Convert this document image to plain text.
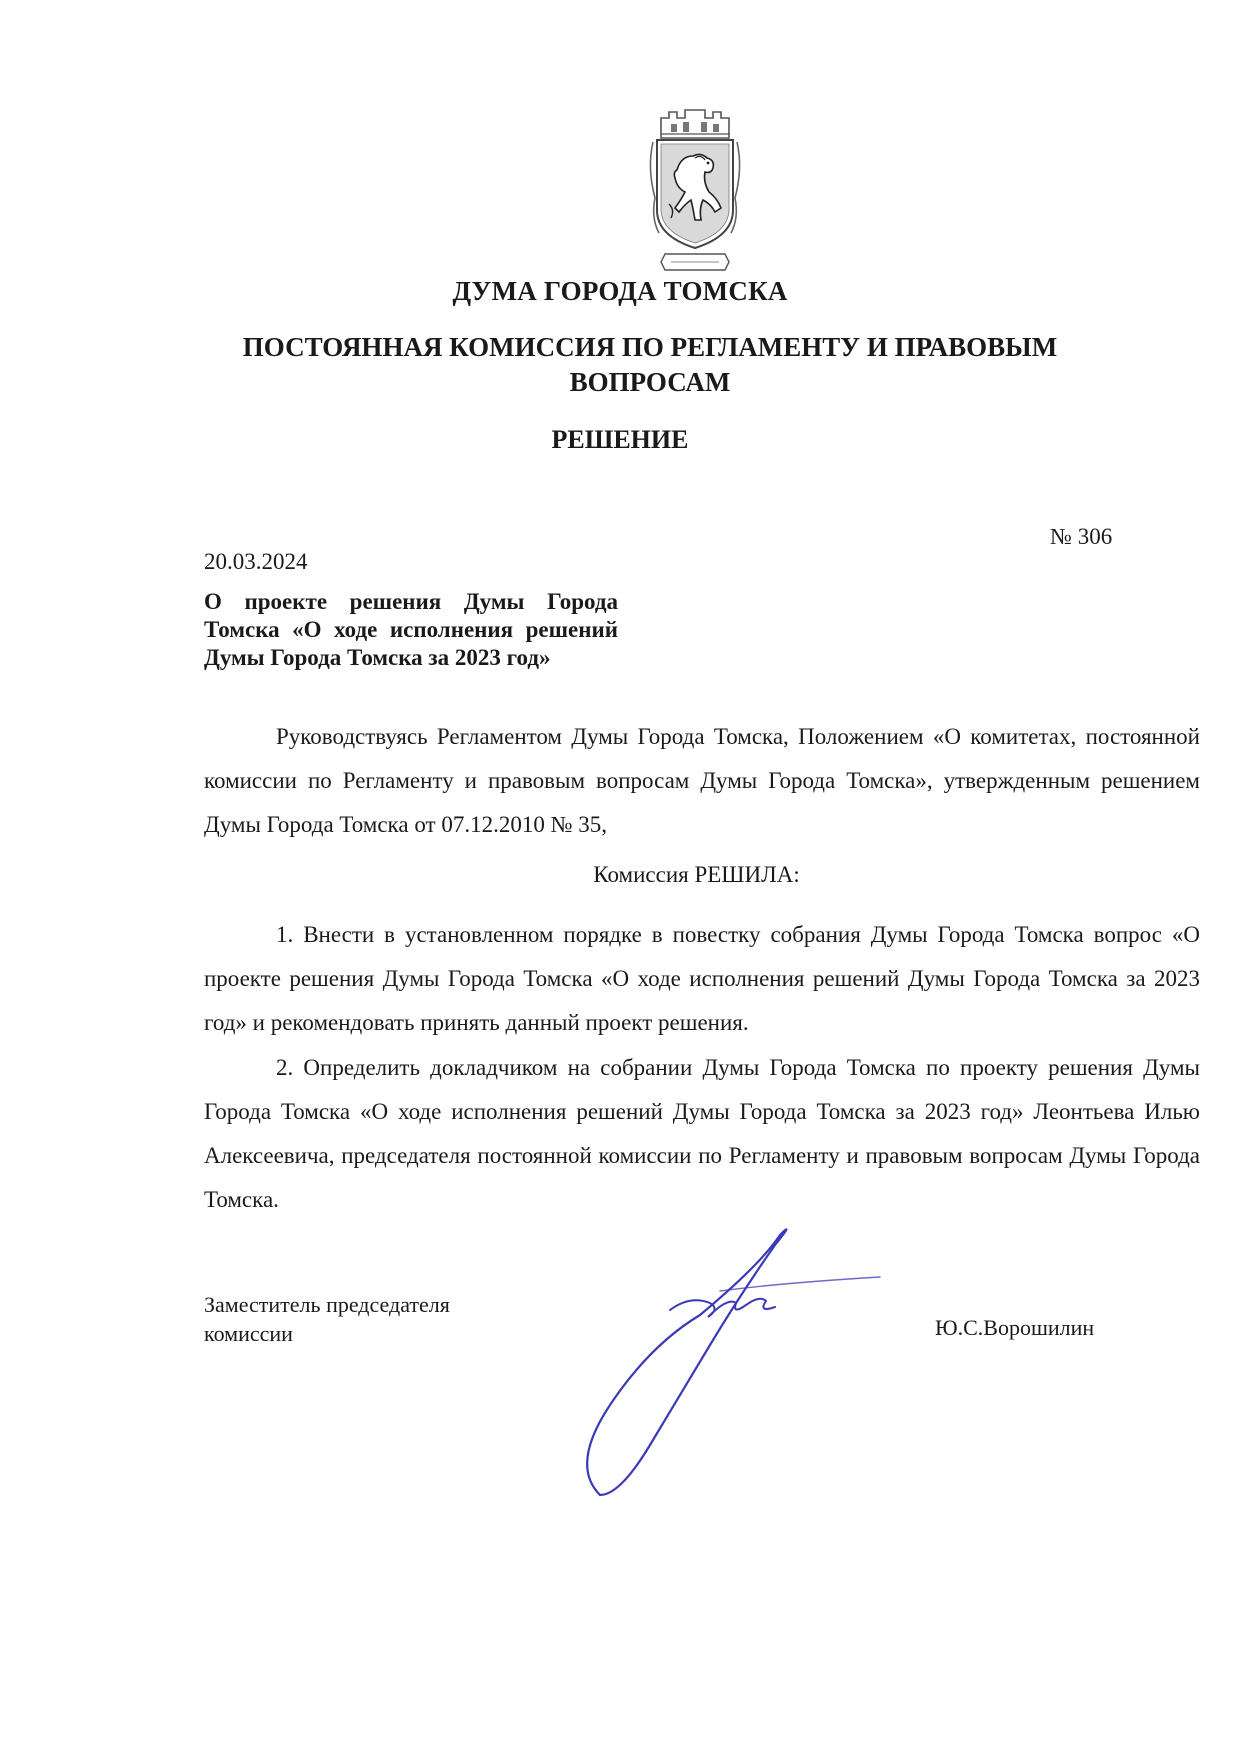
ДУМА ГОРОДА ТОМСКА
ПОСТОЯННАЯ КОМИССИЯ ПО РЕГЛАМЕНТУ И ПРАВОВЫМ
ВОПРОСАМ
РЕШЕНИЕ
№ 306
20.03.2024
О проекте решения Думы Города Томска «О ходе исполнения решений Думы Города Томска за 2023 год»

Руководствуясь Регламентом Думы Города Томска, Положением «О комитетах, постоянной комиссии по Регламенту и правовым вопросам Думы Города Томска», утвержденным решением Думы Города Томска от 07.12.2010 № 35,

Комиссия РЕШИЛА:

1. Внести в установленном порядке в повестку собрания Думы Города Томска вопрос «О проекте решения Думы Города Томска «О ходе исполнения решений Думы Города Томска за 2023 год» и рекомендовать принять данный проект решения.

2. Определить докладчиком на собрании Думы Города Томска по проекту решения Думы Города Томска «О ходе исполнения решений Думы Города Томска за 2023 год» Леонтьева Илью Алексеевича, председателя постоянной комиссии по Регламенту и правовым вопросам Думы Города Томска.

Заместитель председателя
комиссии	Ю.С.Ворошилин
